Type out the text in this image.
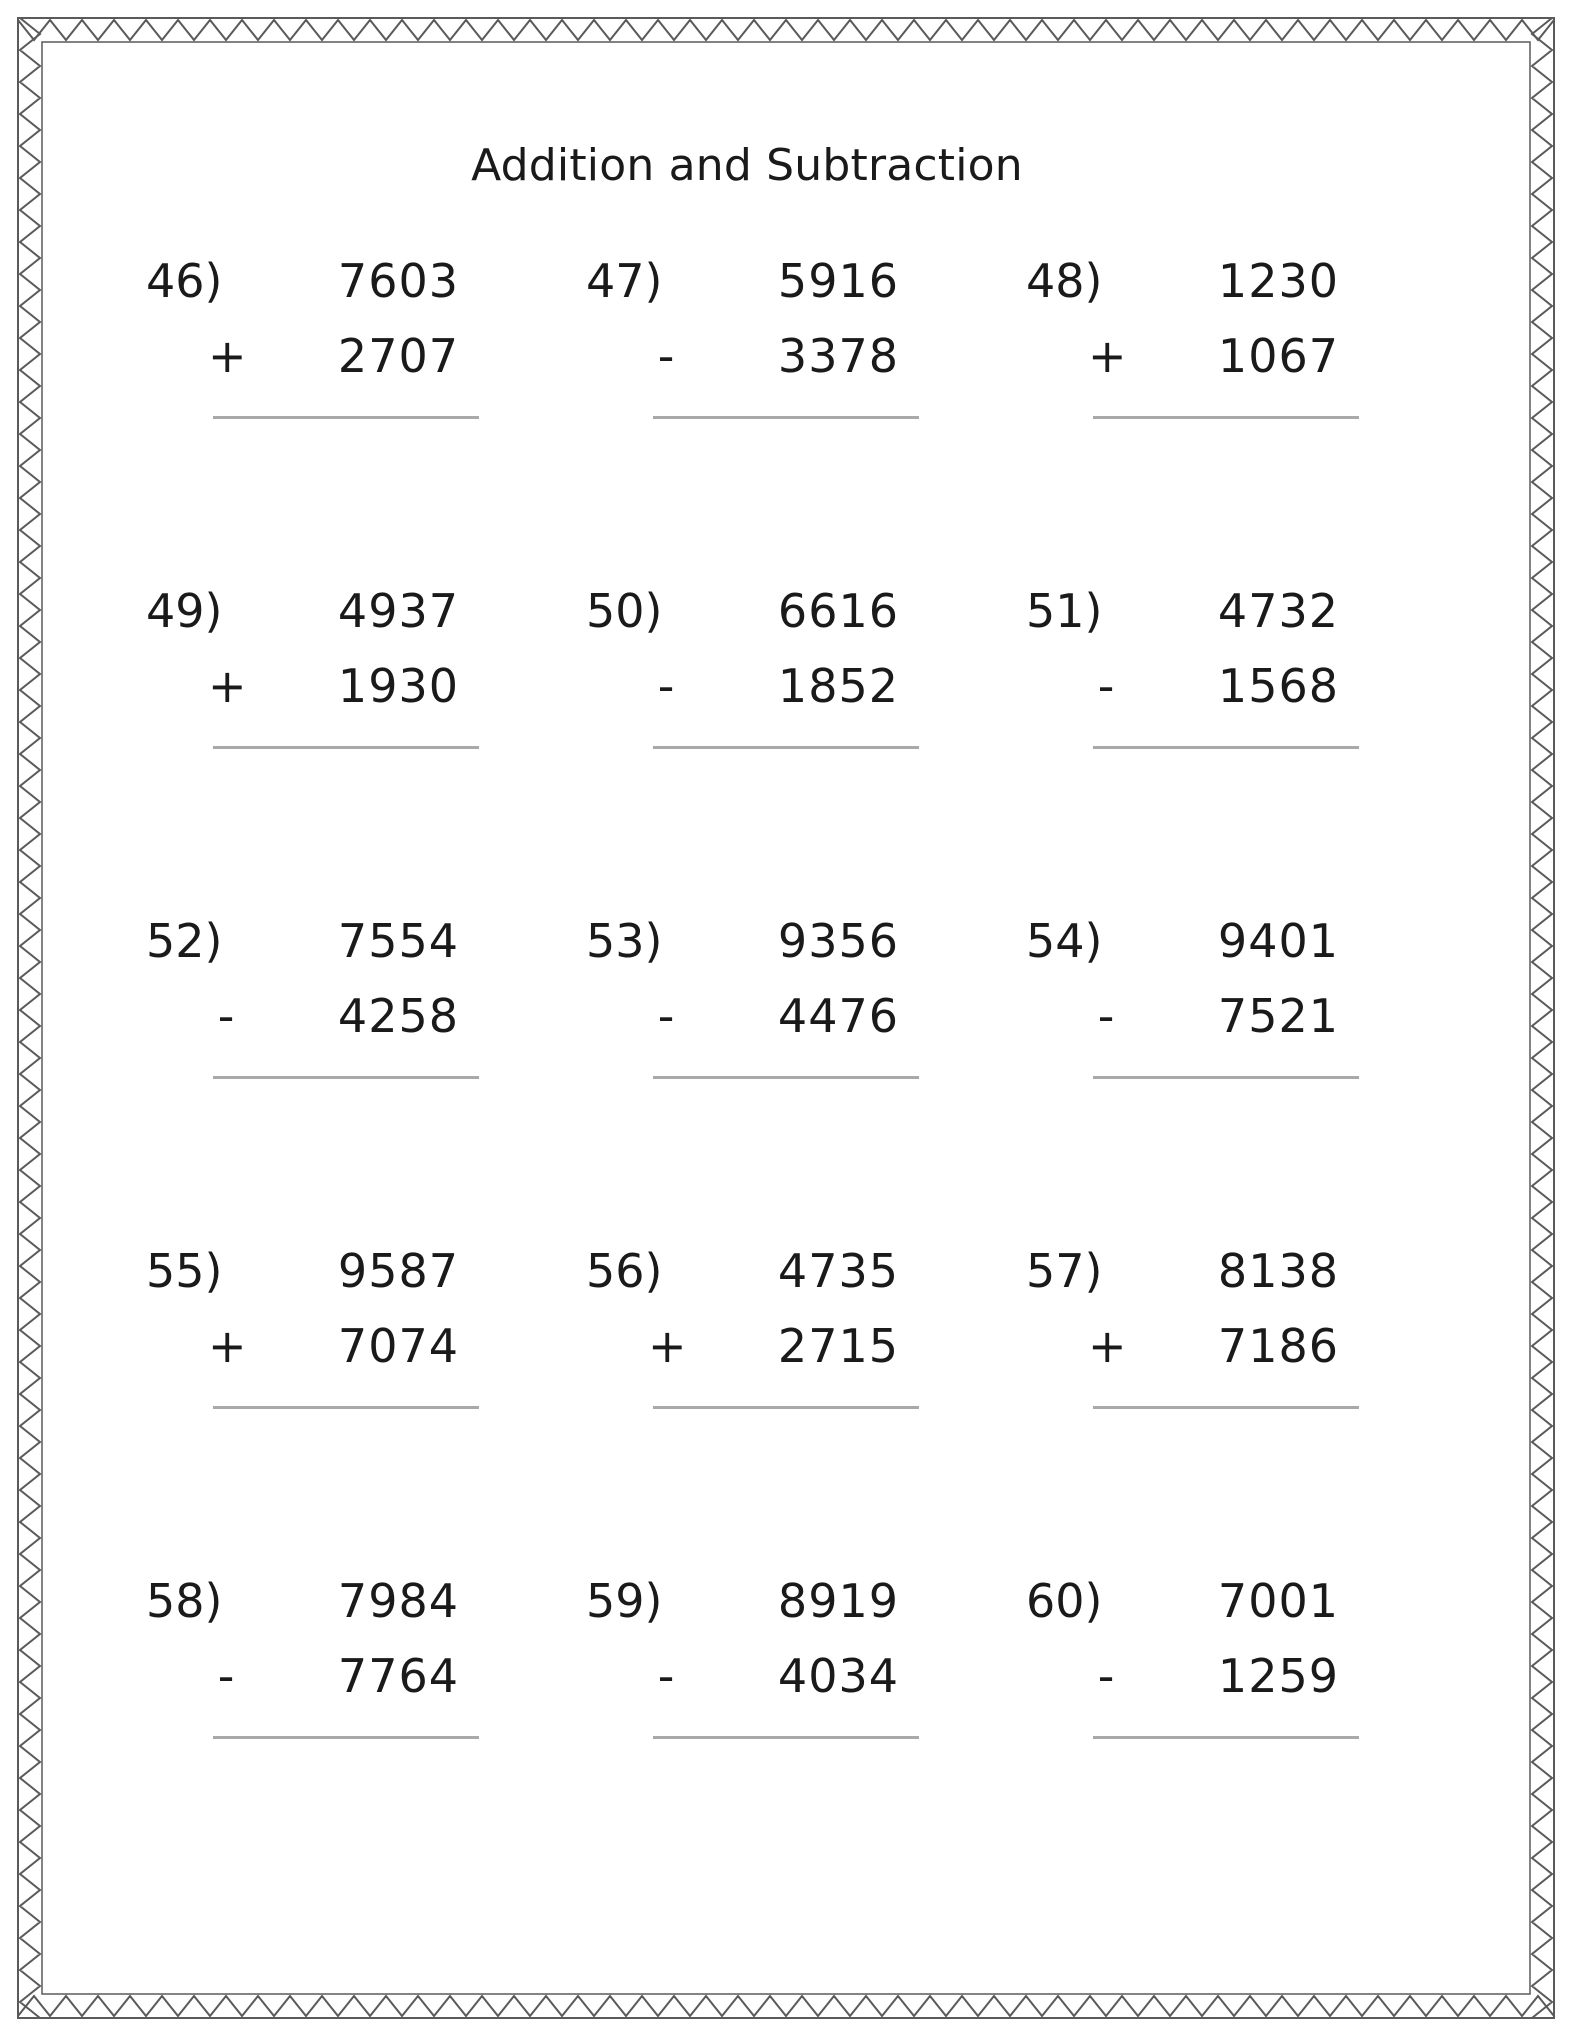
Addition and Subtraction
46)	7603
+ 2707
47)	5916
- 3378
48)	1230
+ 1067
49)	4937
+ 1930
50)	6616
- 1852
51)	4732
- 1568
52)	7554
- 4258
53)	9356
- 4476
54)	9401
- 7521
55)	9587
+ 7074
56)	4735
+ 2715
57)	8138
+ 7186
58)	7984
- 7764
59)	8919
- 4034
60)	7001
- 1259
